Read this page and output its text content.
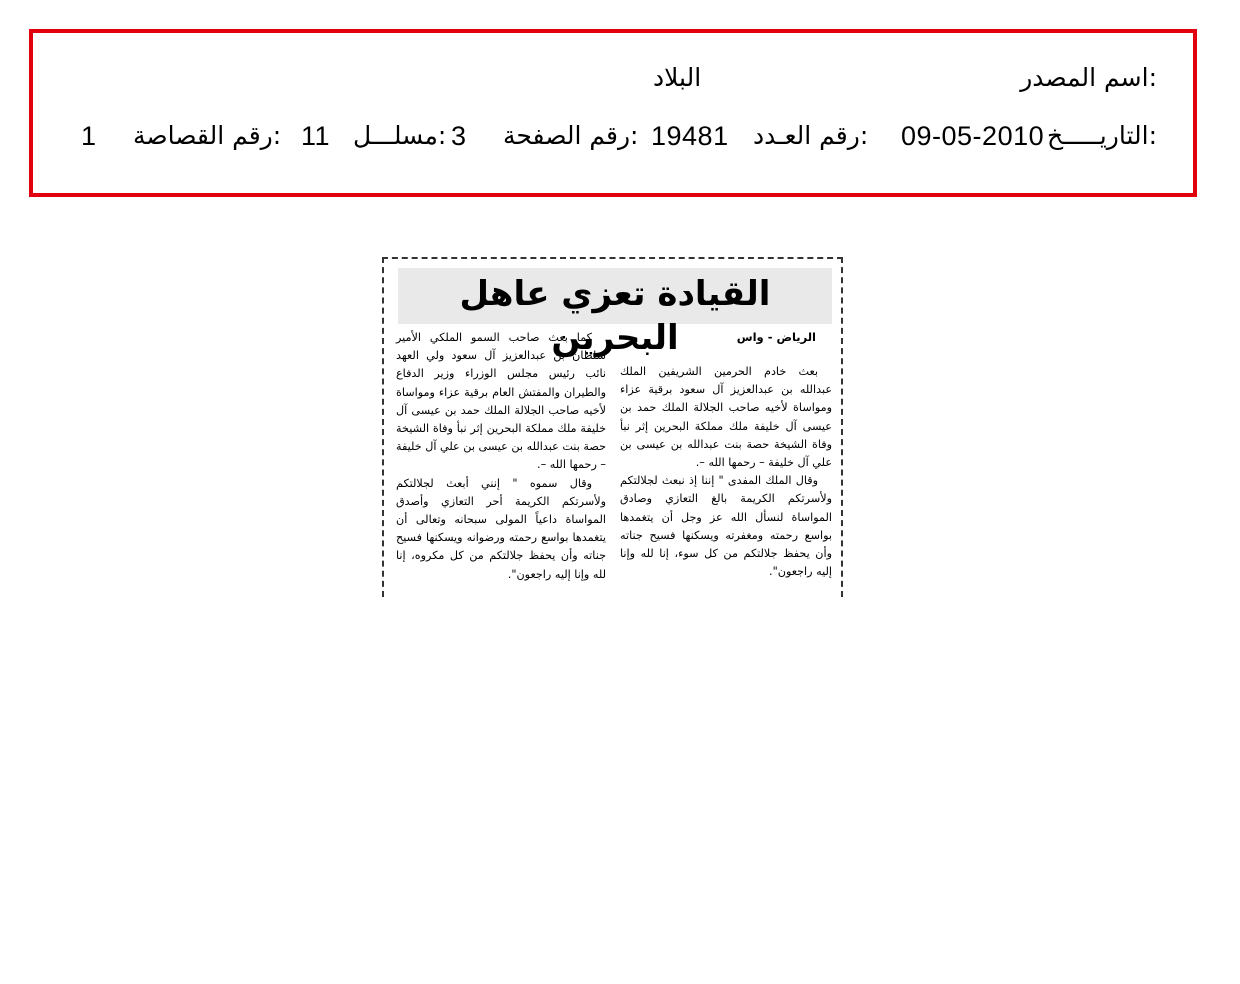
اسم المصدر:
البلاد
التاريـــــخ:
09-05-2010
رقم العـدد:
19481
رقم الصفحة:
3
مسلـــل:
11
رقم القصاصة:
1
القيادة تعزي عاهل البحرين	الرياض - واس

بعث خادم الحرمين الشريفين الملك عبدالله بن عبدالعزيز آل سعود برقية عزاء ومواساة لأخيه صاحب الجلالة الملك حمد بن عيسى آل خليفة ملك مملكة البحرين إثر نبأ وفاة الشيخة حصة بنت عبدالله بن عيسى بن علي آل خليفة – رحمها الله –.

وقال الملك المفدى " إننا إذ نبعث لجلالتكم ولأسرتكم الكريمة بالغ التعازي وصادق المواساة لنسأل الله عز وجل أن يتغمدها بواسع رحمته ومغفرته ويسكنها فسيح جناته وأن يحفظ جلالتكم من كل سوء، إنا لله وإنا إليه راجعون".

كما بعث صاحب السمو الملكي الأمير سلطان بن عبدالعزيز آل سعود ولي العهد نائب رئيس مجلس الوزراء وزير الدفاع والطيران والمفتش العام برقية عزاء ومواساة لأخيه صاحب الجلالة الملك حمد بن عيسى آل خليفة ملك مملكة البحرين إثر نبأ وفاة الشيخة حصة بنت عبدالله بن عيسى بن علي آل خليفة – رحمها الله –.

وقال سموه " إنني أبعث لجلالتكم ولأسرتكم الكريمة أحر التعازي وأصدق المواساة داعياً المولى سبحانه وتعالى أن يتغمدها بواسع رحمته ورضوانه ويسكنها فسيح جناته وأن يحفظ جلالتكم من كل مكروه، إنا لله وإنا إليه راجعون".
